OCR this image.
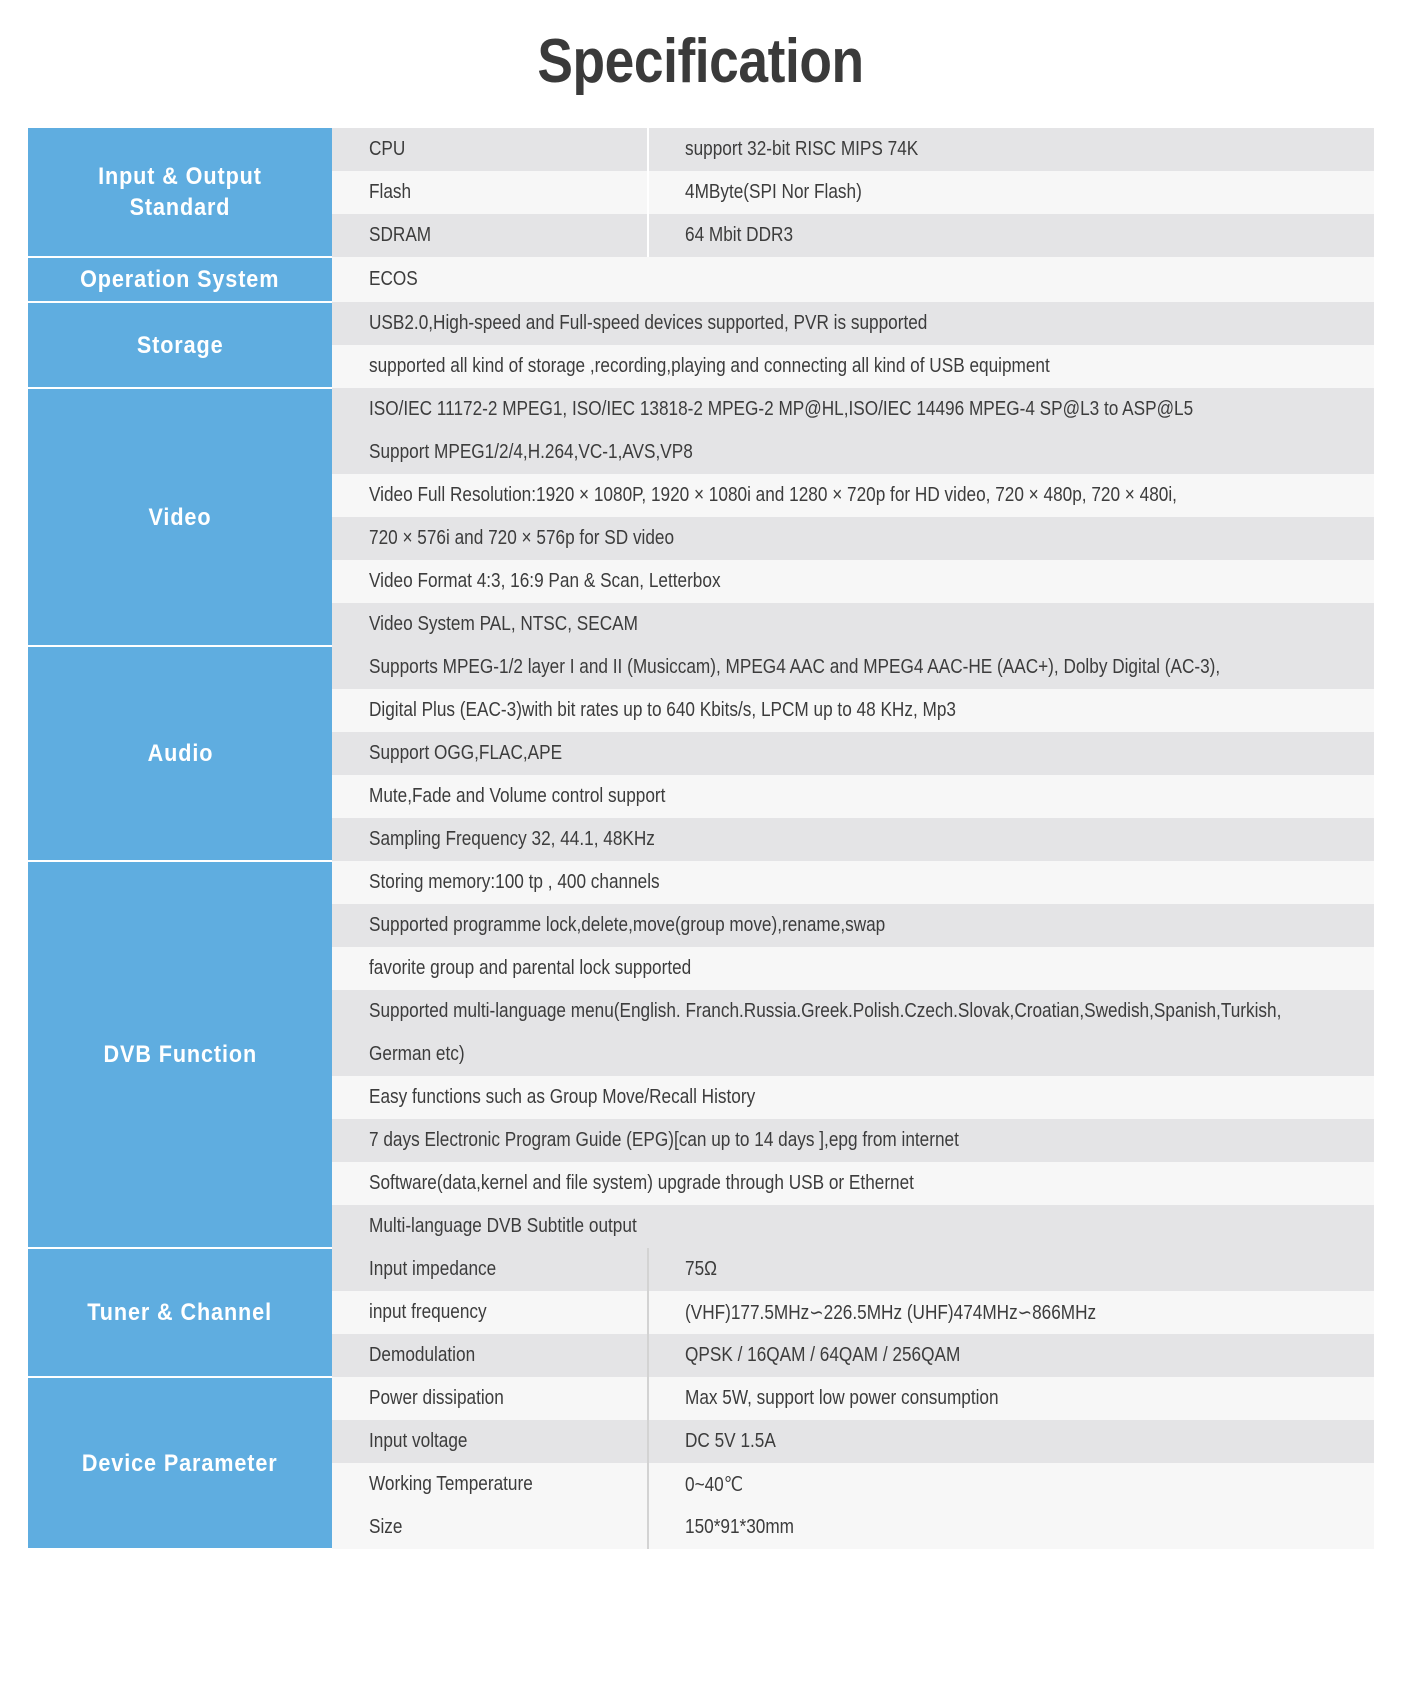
Specification
Input & Output
Standard	CPU	support 32-bit RISC MIPS 74K
	Flash	4MByte(SPI Nor Flash)
	SDRAM	64 Mbit DDR3
Operation System	ECOS	
Storage	USB2.0,High-speed and Full-speed devices supported, PVR is supported	
	supported all kind of storage ,recording,playing and connecting all kind of USB equipment	
Video	ISO/IEC 11172-2 MPEG1, ISO/IEC 13818-2 MPEG-2 MP@HL,ISO/IEC 14496 MPEG-4 SP@L3 to ASP@L5	
	Support MPEG1/2/4,H.264,VC-1,AVS,VP8	
	Video Full Resolution:1920 × 1080P, 1920 × 1080i and 1280 × 720p for HD video, 720 × 480p, 720 × 480i,	
	720 × 576i and 720 × 576p for SD video	
	Video Format 4:3, 16:9 Pan & Scan, Letterbox	
	Video System PAL, NTSC, SECAM	
Audio	Supports MPEG-1/2 layer I and II (Musiccam), MPEG4 AAC and MPEG4 AAC-HE (AAC+), Dolby Digital (AC-3),	
	Digital Plus (EAC-3)with bit rates up to 640 Kbits/s, LPCM up to 48 KHz, Mp3	
	Support OGG,FLAC,APE	
	Mute,Fade and Volume control support	
	Sampling Frequency 32, 44.1, 48KHz	
DVB Function	Storing memory:100 tp , 400 channels	
	Supported programme lock,delete,move(group move),rename,swap	
	favorite group and parental lock supported	
	Supported multi-language menu(English. Franch.Russia.Greek.Polish.Czech.Slovak,Croatian,Swedish,Spanish,Turkish,	
	German etc)	
	Easy functions such as Group Move/Recall History	
	7 days Electronic Program Guide (EPG)[can up to 14 days ],epg from internet	
	Software(data,kernel and file system) upgrade through USB or Ethernet	
	Multi-language DVB Subtitle output	
Tuner & Channel	Input impedance	75Ω
	input frequency	(VHF)177.5MHz∽226.5MHz (UHF)474MHz∽866MHz
	Demodulation	QPSK / 16QAM / 64QAM / 256QAM
Device Parameter	Power dissipation	Max 5W, support low power consumption
	Input voltage	DC 5V 1.5A
	Working Temperature	0~40℃
	Size	150*91*30mm
